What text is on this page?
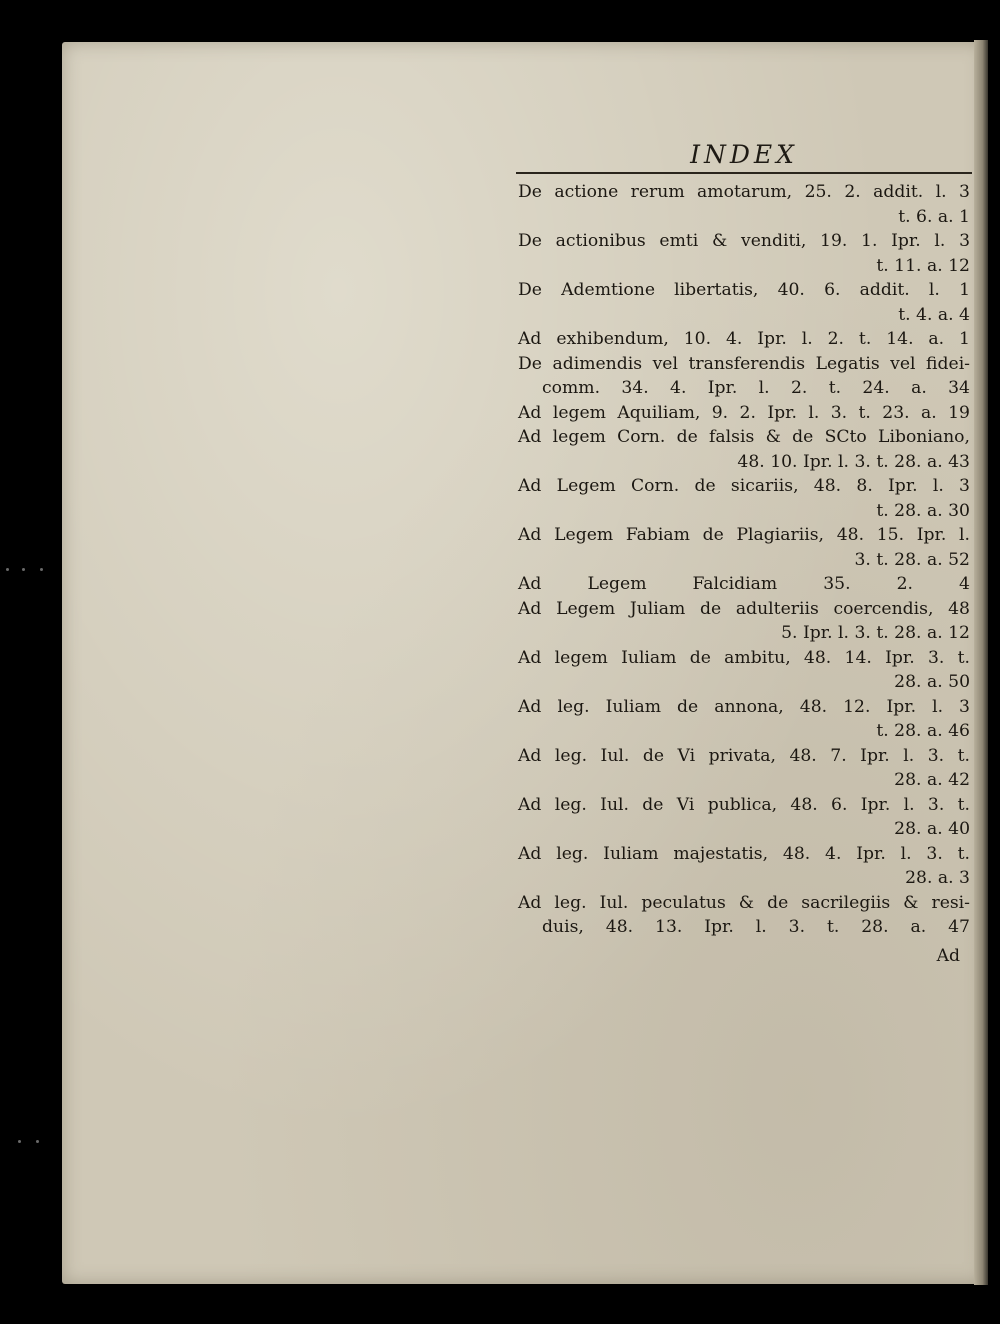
INDEX

De actione rerum amotarum, 25. 2. addit. l. 3
t. 6. a. 1

De actionibus emti & venditi, 19. 1. Ipr. l. 3
t. 11. a. 12

De Ademtione libertatis, 40. 6. addit. l. 1
t. 4. a. 4

Ad exhibendum, 10. 4. Ipr. l. 2. t. 14. a. 1

De adimendis vel transferendis Legatis vel fidei-
comm. 34. 4. Ipr. l. 2. t. 24. a. 34

Ad legem Aquiliam, 9. 2. Ipr. l. 3. t. 23. a. 19

Ad legem Corn. de falsis & de SCto Liboniano,
48. 10. Ipr. l. 3. t. 28. a. 43

Ad Legem Corn. de sicariis, 48. 8. Ipr. l. 3
t. 28. a. 30

Ad Legem Fabiam de Plagiariis, 48. 15. Ipr. l.
3. t. 28. a. 52

Ad Legem Falcidiam 35. 2. 4

Ad Legem Juliam de adulteriis coercendis, 48
5. Ipr. l. 3. t. 28. a. 12

Ad legem Iuliam de ambitu, 48. 14. Ipr. 3. t.
28. a. 50

Ad leg. Iuliam de annona, 48. 12. Ipr. l. 3
t. 28. a. 46

Ad leg. Iul. de Vi privata, 48. 7. Ipr. l. 3. t.
28. a. 42

Ad leg. Iul. de Vi publica, 48. 6. Ipr. l. 3. t.
28. a. 40

Ad leg. Iuliam majestatis, 48. 4. Ipr. l. 3. t.
28. a. 3

Ad leg. Iul. peculatus & de sacrilegiis & resi-
duis, 48. 13. Ipr. l. 3. t. 28. a. 47

Ad
